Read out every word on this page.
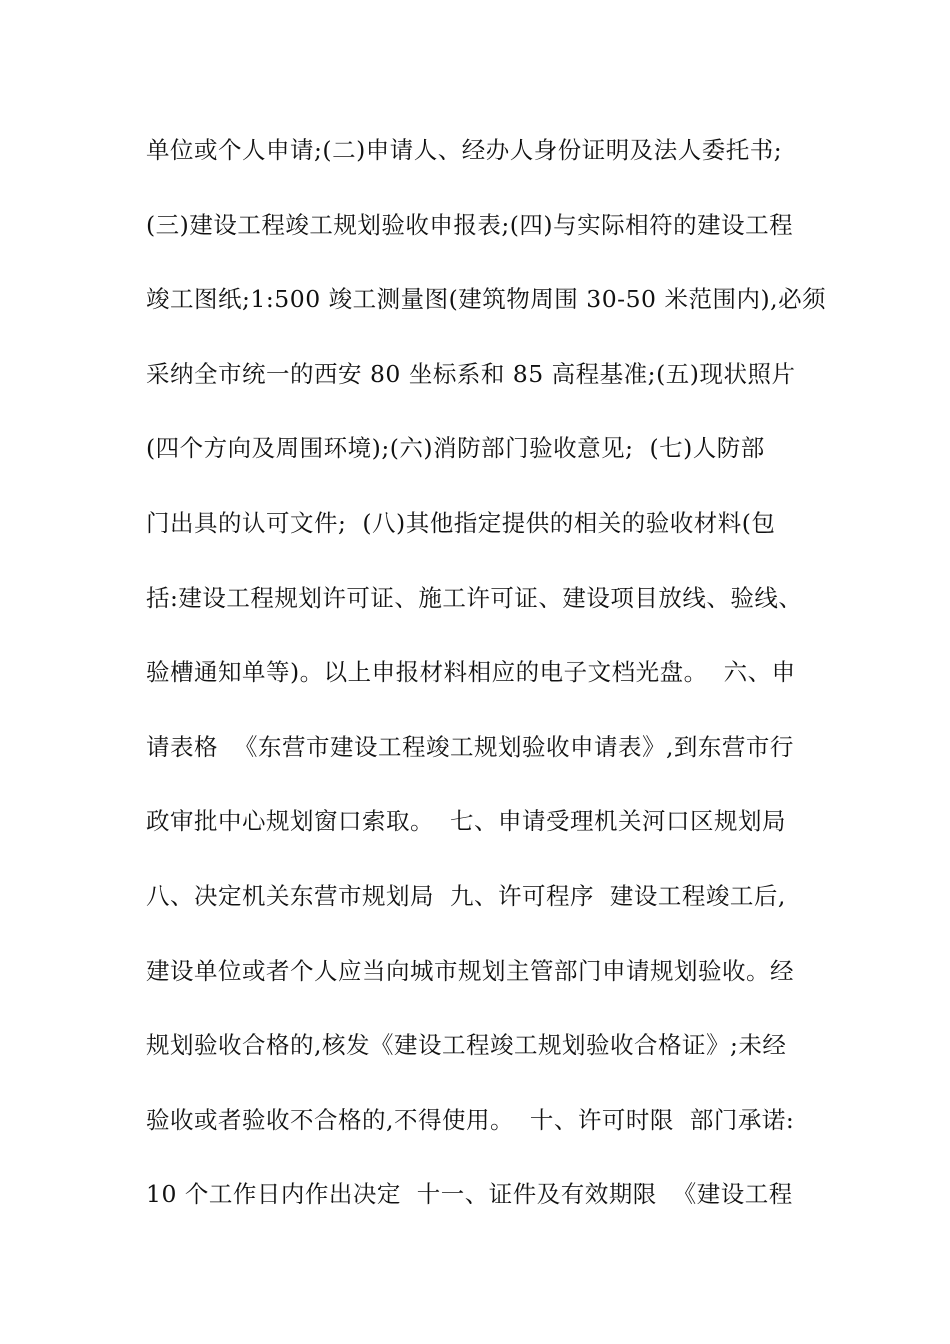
单位或个人申请;(二)申请人、经办人身份证明及法人委托书;
(三)建设工程竣工规划验收申报表;(四)与实际相符的建设工程
竣工图纸;1:500 竣工测量图(建筑物周围 30-50 米范围内),必须
采纳全市统一的西安 80 坐标系和 85 高程基准;(五)现状照片
(四个方向及周围环境);(六)消防部门验收意见;  (七)人防部
门出具的认可文件;  (八)其他指定提供的相关的验收材料(包
括:建设工程规划许可证、施工许可证、建设项目放线、验线、
验槽通知单等)。以上申报材料相应的电子文档光盘。  六、申
请表格  《东营市建设工程竣工规划验收申请表》,到东营市行
政审批中心规划窗口索取。  七、申请受理机关河口区规划局
八、决定机关东营市规划局  九、许可程序  建设工程竣工后,
建设单位或者个人应当向城市规划主管部门申请规划验收。经
规划验收合格的,核发《建设工程竣工规划验收合格证》;未经
验收或者验收不合格的,不得使用。  十、许可时限  部门承诺:
10 个工作日内作出决定  十一、证件及有效期限  《建设工程
